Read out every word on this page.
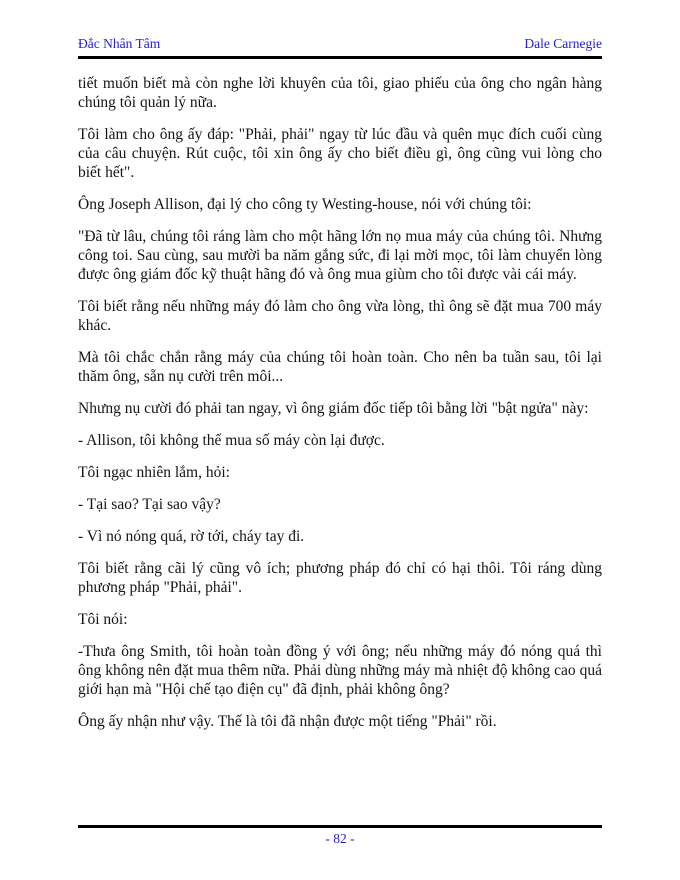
Đắc Nhân Tâm	Dale Carnegie

tiết muốn biết mà còn nghe lời khuyên của tôi, giao phiếu của ông cho ngân hàng chúng tôi quản lý nữa.

Tôi làm cho ông ấy đáp: "Phải, phải" ngay từ lúc đầu và quên mục đích cuối cùng của câu chuyện. Rút cuộc, tôi xin ông ấy cho biết điều gì, ông cũng vui lòng cho biết hết".

Ông Joseph Allison, đại lý cho công ty Westing-house, nói với chúng tôi:

"Đã từ lâu, chúng tôi ráng làm cho một hãng lớn nọ mua máy của chúng tôi. Nhưng công toi. Sau cùng, sau mười ba năm gắng sức, đi lại mời mọc, tôi làm chuyển lòng được ông giám đốc kỹ thuật hãng đó và ông mua giùm cho tôi được vài cái máy.

Tôi biết rằng nếu những máy đó làm cho ông vừa lòng, thì ông sẽ đặt mua 700 máy khác.

Mà tôi chắc chắn rằng máy của chúng tôi hoàn toàn. Cho nên ba tuần sau, tôi lại thăm ông, sẵn nụ cười trên môi...

Nhưng nụ cười đó phải tan ngay, vì ông giám đốc tiếp tôi bằng lời "bật ngửa" này:

- Allison, tôi không thể mua số máy còn lại được.

Tôi ngạc nhiên lắm, hỏi:

- Tại sao? Tại sao vậy?

- Vì nó nóng quá, rờ tới, cháy tay đi.

Tôi biết rằng cãi lý cũng vô ích; phương pháp đó chỉ có hại thôi. Tôi ráng dùng phương pháp "Phải, phải".

Tôi nói:

-Thưa ông Smith, tôi hoàn toàn đồng ý với ông; nếu những máy đó nóng quá thì ông không nên đặt mua thêm nữa. Phải dùng những máy mà nhiệt độ không cao quá giới hạn mà "Hội chế tạo điện cụ" đã định, phải không ông?

Ông ấy nhận như vậy. Thế là tôi đã nhận được một tiếng "Phải" rồi.

- 82 -
